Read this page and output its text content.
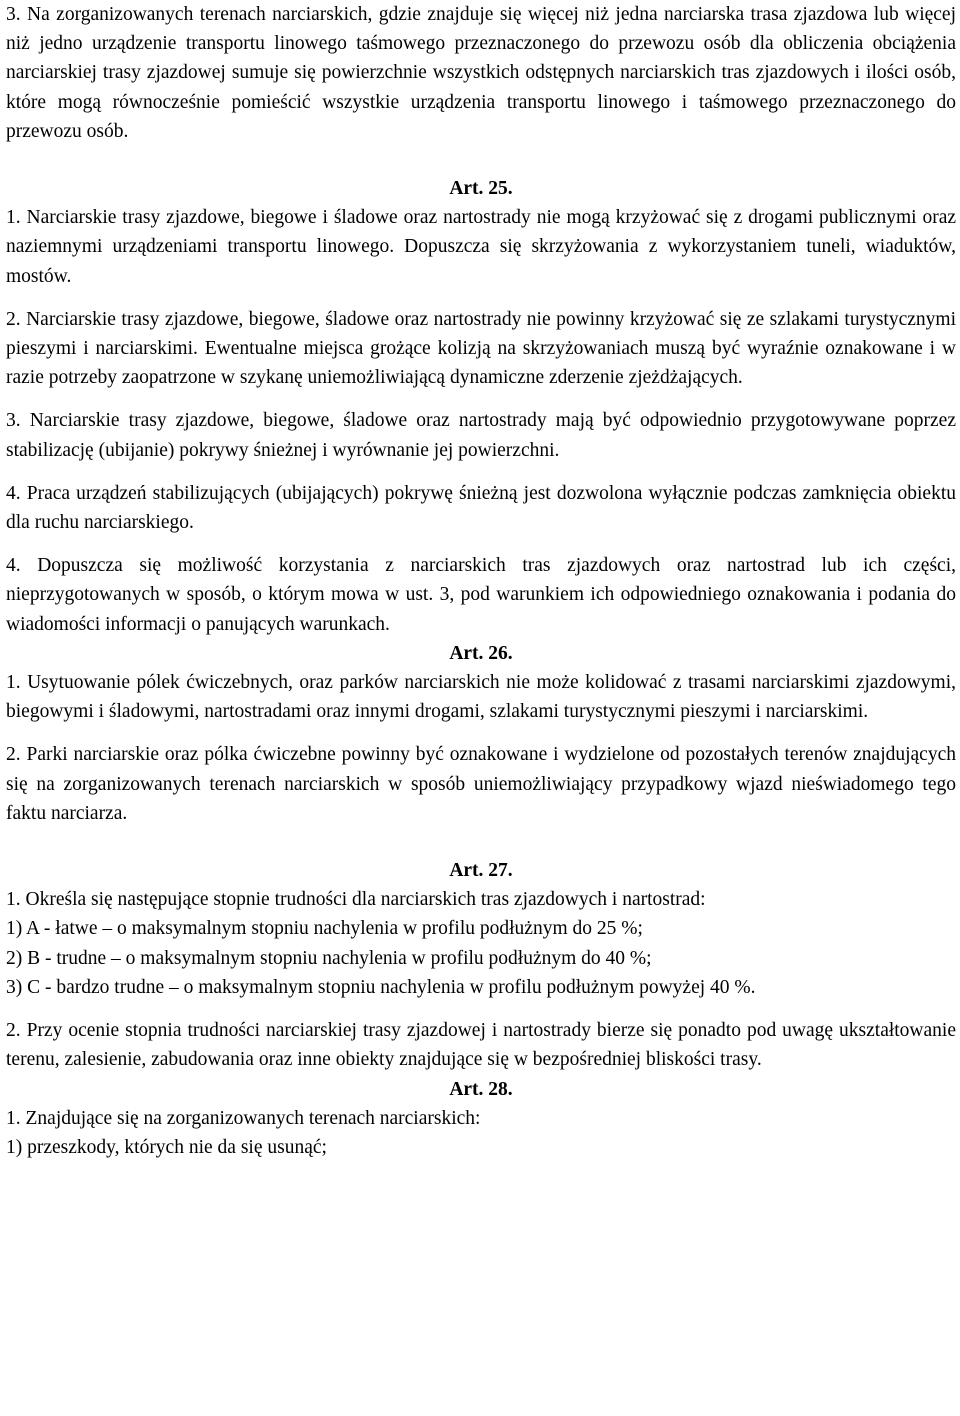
3. Na zorganizowanych terenach narciarskich, gdzie znajduje się więcej niż jedna narciarska trasa zjazdowa lub więcej niż jedno urządzenie transportu linowego taśmowego przeznaczonego do przewozu osób dla obliczenia obciążenia narciarskiej trasy zjazdowej sumuje się powierzchnie wszystkich odstępnych narciarskich tras zjazdowych i ilości osób, które mogą równocześnie pomieścić wszystkie urządzenia transportu linowego i taśmowego przeznaczonego do przewozu osób.

Art. 25.

1. Narciarskie trasy zjazdowe, biegowe i śladowe oraz nartostrady nie mogą krzyżować się z drogami publicznymi oraz naziemnymi urządzeniami transportu linowego. Dopuszcza się skrzyżowania z wykorzystaniem tuneli, wiaduktów, mostów.

2. Narciarskie trasy zjazdowe, biegowe, śladowe oraz nartostrady nie powinny krzyżować się ze szlakami turystycznymi pieszymi i narciarskimi. Ewentualne miejsca grożące kolizją na skrzyżowaniach muszą być wyraźnie oznakowane i w razie potrzeby zaopatrzone w szykanę uniemożliwiającą dynamiczne zderzenie zjeżdżających.

3. Narciarskie trasy zjazdowe, biegowe, śladowe oraz nartostrady mają być odpowiednio przygotowywane poprzez stabilizację (ubijanie) pokrywy śnieżnej i wyrównanie jej powierzchni.

4. Praca urządzeń stabilizujących (ubijających) pokrywę śnieżną jest dozwolona wyłącznie podczas zamknięcia obiektu dla ruchu narciarskiego.

4. Dopuszcza się możliwość korzystania z narciarskich tras zjazdowych oraz nartostrad lub ich części, nieprzygotowanych w sposób, o którym mowa w ust. 3, pod warunkiem ich odpowiedniego oznakowania i podania do wiadomości informacji o panujących warunkach.

Art. 26.

1. Usytuowanie pólek ćwiczebnych, oraz parków narciarskich nie może kolidować z trasami narciarskimi zjazdowymi, biegowymi i śladowymi, nartostradami oraz innymi drogami, szlakami turystycznymi pieszymi i narciarskimi.

2. Parki narciarskie oraz pólka ćwiczebne powinny być oznakowane i wydzielone od pozostałych terenów znajdujących się na zorganizowanych terenach narciarskich w sposób uniemożliwiający przypadkowy wjazd nieświadomego tego faktu narciarza.

Art. 27.

1. Określa się następujące stopnie trudności dla narciarskich tras zjazdowych i nartostrad:

1) A - łatwe – o maksymalnym stopniu nachylenia w profilu podłużnym do 25 %;

2) B - trudne – o maksymalnym stopniu nachylenia w profilu podłużnym do 40 %;

3) C - bardzo trudne – o maksymalnym stopniu nachylenia w profilu podłużnym powyżej 40 %.

2. Przy ocenie stopnia trudności narciarskiej trasy zjazdowej i nartostrady bierze się ponadto pod uwagę ukształtowanie terenu, zalesienie, zabudowania oraz inne obiekty znajdujące się w bezpośredniej bliskości trasy.

Art. 28.

1. Znajdujące się na zorganizowanych terenach narciarskich:

1) przeszkody, których nie da się usunąć;
